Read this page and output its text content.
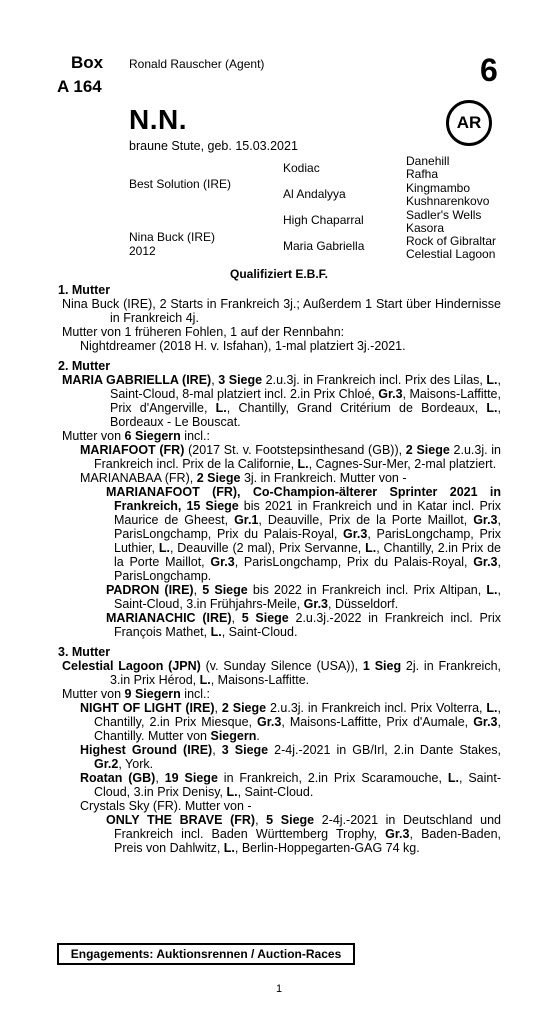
Box
A 164
Ronald Rauscher (Agent)	6
N.N.
braune Stute, geb. 15.03.2021
AR
Best Solution (IRE)
Nina Buck (IRE)
2012
Kodiac
Al Andalyya
High Chaparral
Maria Gabriella
Danehill
Rafha
Kingmambo
Kushnarenkovo
Sadler's Wells
Kasora
Rock of Gibraltar
Celestial Lagoon
Qualifiziert E.B.F.
1. Mutter
Nina Buck (IRE), 2 Starts in Frankreich 3j.; Außerdem 1 Start über Hindernisse in Frankreich 4j.
Mutter von 1 früheren Fohlen, 1 auf der Rennbahn:
Nightdreamer (2018 H. v. Isfahan), 1-mal platziert 3j.-2021.
2. Mutter
MARIA GABRIELLA (IRE), 3 Siege 2.u.3j. in Frankreich incl. Prix des Lilas, L., Saint-Cloud, 8-mal platziert incl. 2.in Prix Chloé, Gr.3, Maisons-Laffitte, Prix d'Angerville, L., Chantilly, Grand Critérium de Bordeaux, L., Bordeaux - Le Bouscat.
Mutter von 6 Siegern incl.:
MARIAFOOT (FR) (2017 St. v. Footstepsinthesand (GB)), 2 Siege 2.u.3j. in Frankreich incl. Prix de la Californie, L., Cagnes-Sur-Mer, 2-mal platziert.
MARIANABAA (FR), 2 Siege 3j. in Frankreich. Mutter von -
MARIANAFOOT (FR), Co-Champion-älterer Sprinter 2021 in Frankreich, 15 Siege bis 2021 in Frankreich und in Katar incl. Prix Maurice de Gheest, Gr.1, Deauville, Prix de la Porte Maillot, Gr.3, ParisLongchamp, Prix du Palais-Royal, Gr.3, ParisLongchamp, Prix Luthier, L., Deauville (2 mal), Prix Servanne, L., Chantilly, 2.in Prix de la Porte Maillot, Gr.3, ParisLongchamp, Prix du Palais-Royal, Gr.3, ParisLongchamp.
PADRON (IRE), 5 Siege bis 2022 in Frankreich incl. Prix Altipan, L., Saint-Cloud, 3.in Frühjahrs-Meile, Gr.3, Düsseldorf.
MARIANACHIC (IRE), 5 Siege 2.u.3j.-2022 in Frankreich incl. Prix François Mathet, L., Saint-Cloud.
3. Mutter
Celestial Lagoon (JPN) (v. Sunday Silence (USA)), 1 Sieg 2j. in Frankreich, 3.in Prix Hérod, L., Maisons-Laffitte.
Mutter von 9 Siegern incl.:
NIGHT OF LIGHT (IRE), 2 Siege 2.u.3j. in Frankreich incl. Prix Volterra, L., Chantilly, 2.in Prix Miesque, Gr.3, Maisons-Laffitte, Prix d'Aumale, Gr.3, Chantilly. Mutter von Siegern.
Highest Ground (IRE), 3 Siege 2-4j.-2021 in GB/Irl, 2.in Dante Stakes, Gr.2, York.
Roatan (GB), 19 Siege in Frankreich, 2.in Prix Scaramouche, L., Saint-Cloud, 3.in Prix Denisy, L., Saint-Cloud.
Crystals Sky (FR). Mutter von -
ONLY THE BRAVE (FR), 5 Siege 2-4j.-2021 in Deutschland und Frankreich incl. Baden Württemberg Trophy, Gr.3, Baden-Baden, Preis von Dahlwitz, L., Berlin-Hoppegarten-GAG 74 kg.
Engagements: Auktionsrennen / Auction-Races
1
